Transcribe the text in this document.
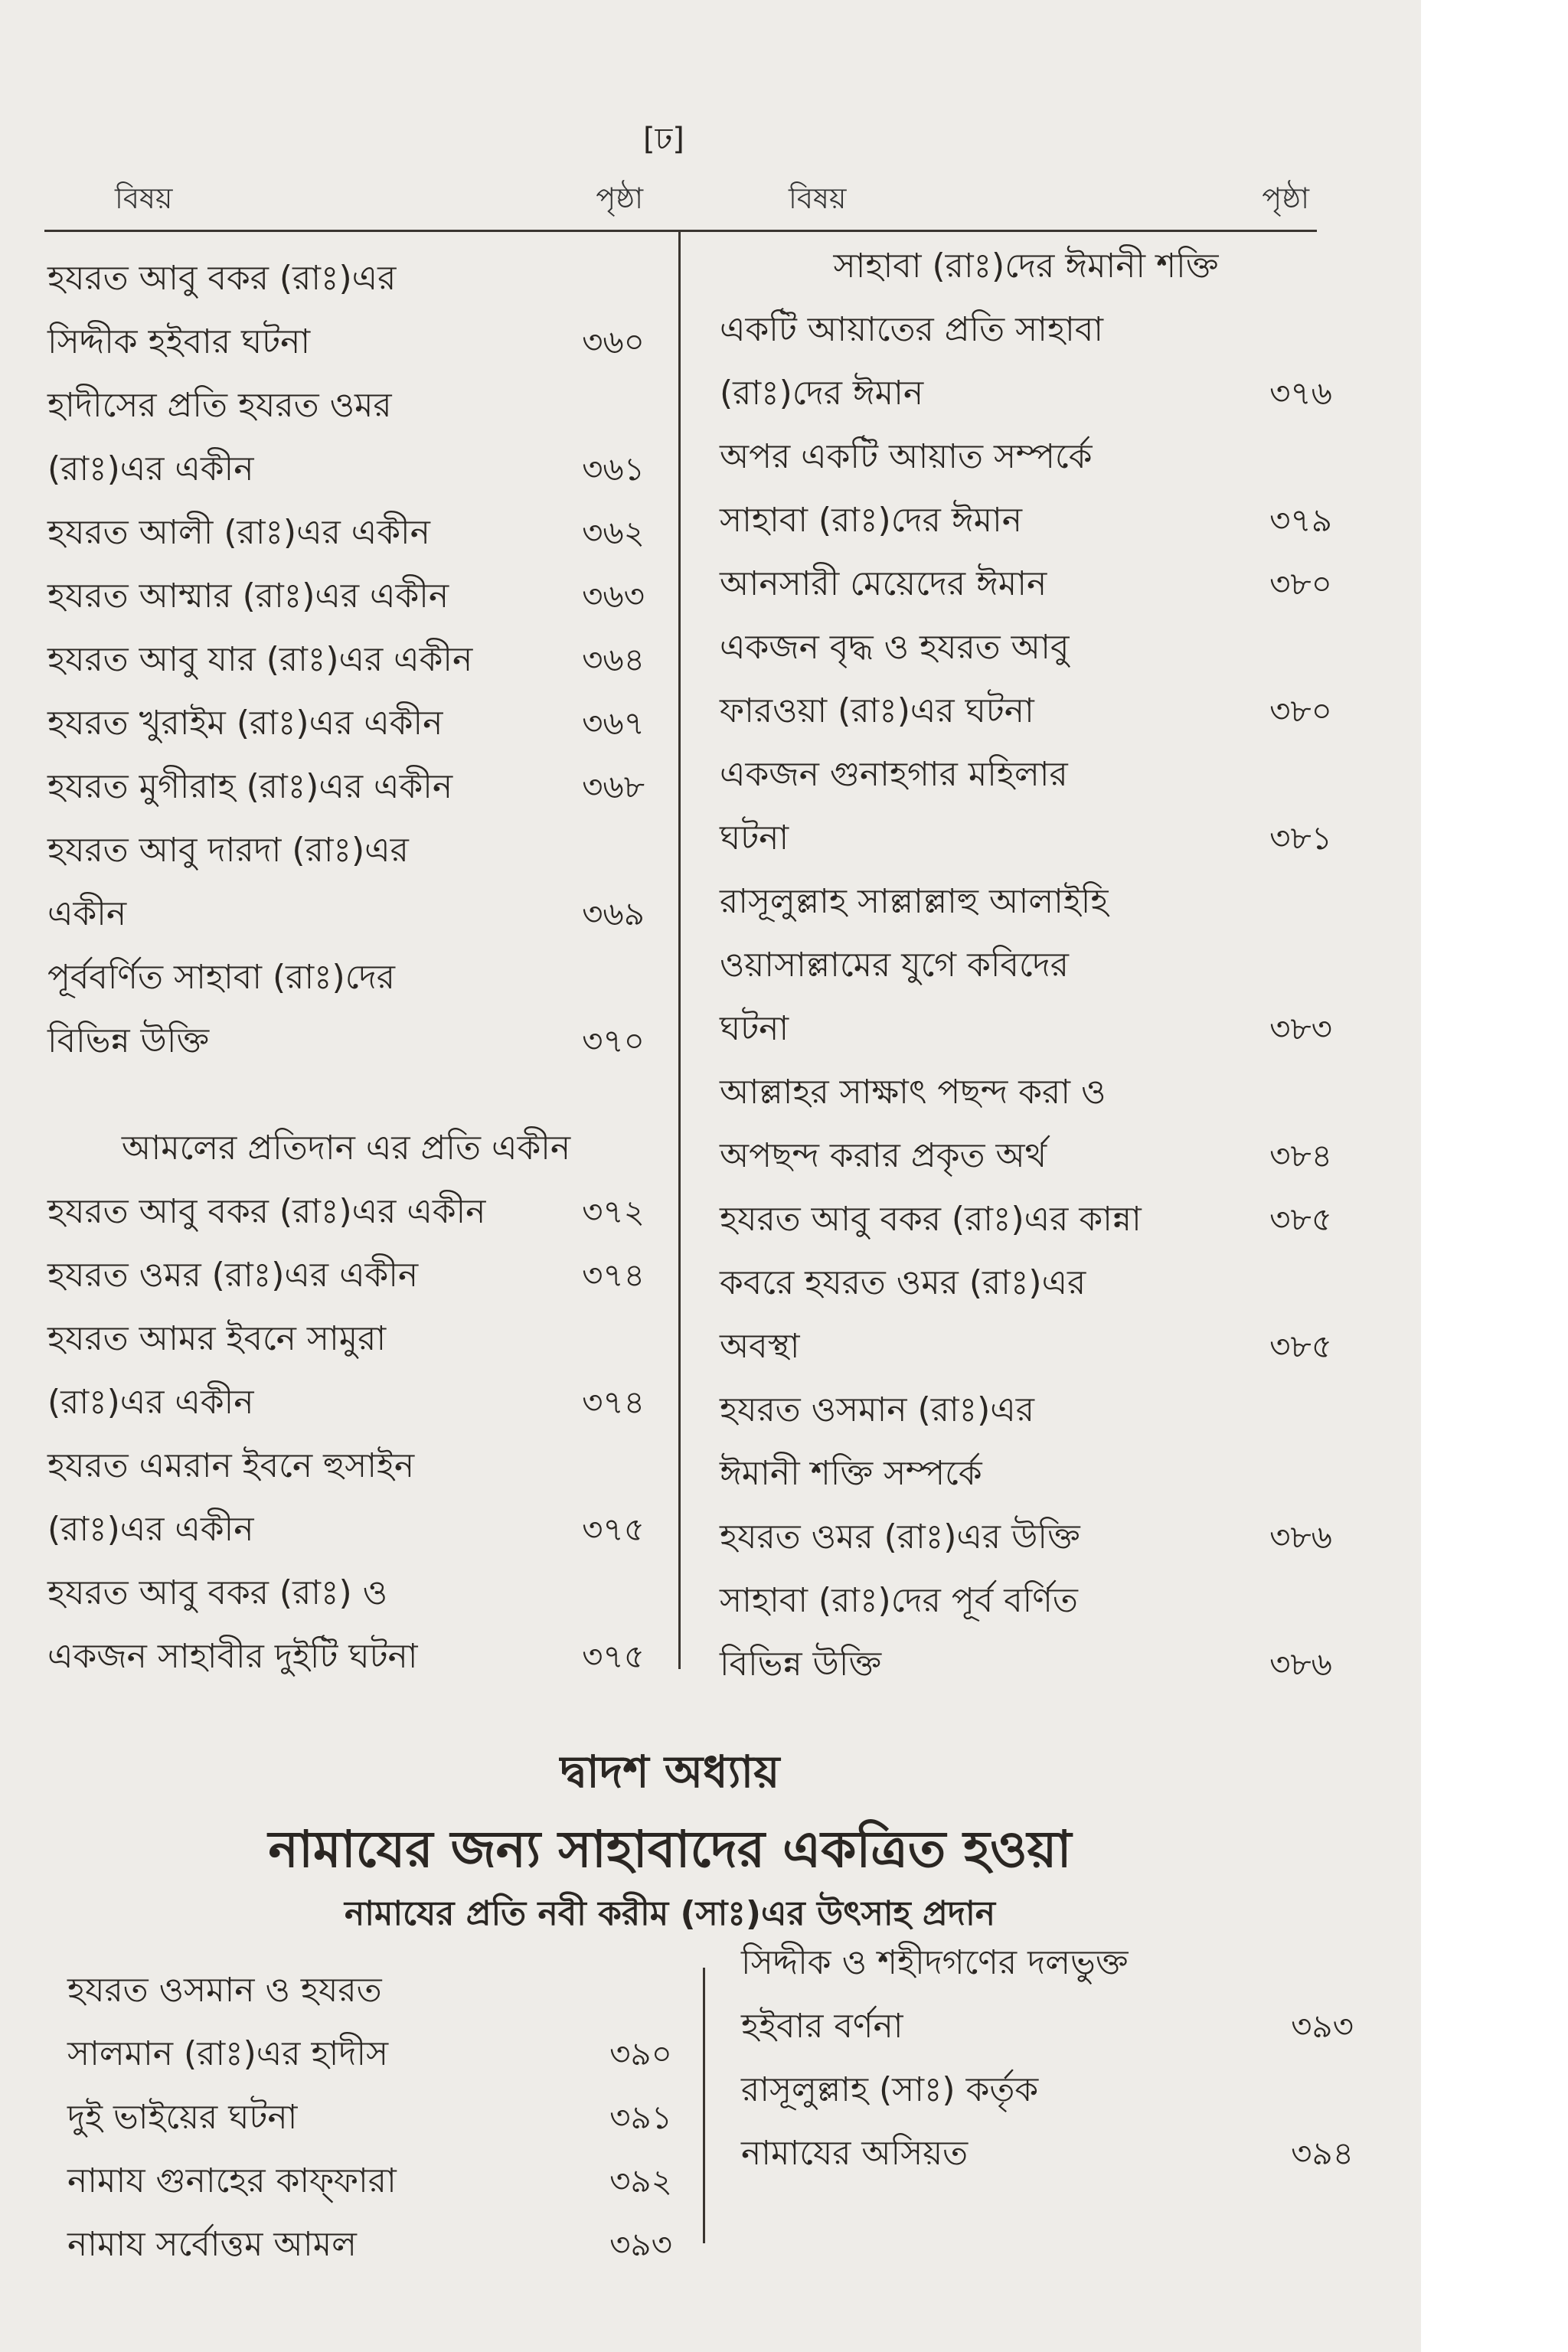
[ঢ]
বিষয়	পৃষ্ঠা	বিষয়	পৃষ্ঠা
হযরত আবু বকর (রাঃ)এর
সিদ্দীক হইবার ঘটনা	৩৬০
হাদীসের প্রতি হযরত ওমর
(রাঃ)এর একীন	৩৬১
হযরত আলী (রাঃ)এর একীন	৩৬২
হযরত আম্মার (রাঃ)এর একীন	৩৬৩
হযরত আবু যার (রাঃ)এর একীন	৩৬৪
হযরত খুরাইম (রাঃ)এর একীন	৩৬৭
হযরত মুগীরাহ (রাঃ)এর একীন	৩৬৮
হযরত আবু দারদা (রাঃ)এর
একীন	৩৬৯
পূর্ববর্ণিত সাহাবা (রাঃ)দের
বিভিন্ন উক্তি	৩৭০
আমলের প্রতিদান এর প্রতি একীন
হযরত আবু বকর (রাঃ)এর একীন	৩৭২
হযরত ওমর (রাঃ)এর একীন	৩৭৪
হযরত আমর ইবনে সামুরা
(রাঃ)এর একীন	৩৭৪
হযরত এমরান ইবনে হুসাইন
(রাঃ)এর একীন	৩৭৫
হযরত আবু বকর (রাঃ) ও
একজন সাহাবীর দুইটি ঘটনা	৩৭৫
সাহাবা (রাঃ)দের ঈমানী শক্তি
একটি আয়াতের প্রতি সাহাবা
(রাঃ)দের ঈমান	৩৭৬
অপর একটি আয়াত সম্পর্কে
সাহাবা (রাঃ)দের ঈমান	৩৭৯
আনসারী মেয়েদের ঈমান	৩৮০
একজন বৃদ্ধ ও হযরত আবু
ফারওয়া (রাঃ)এর ঘটনা	৩৮০
একজন গুনাহগার মহিলার
ঘটনা	৩৮১
রাসূলুল্লাহ সাল্লাল্লাহু আলাইহি
ওয়াসাল্লামের যুগে কবিদের
ঘটনা	৩৮৩
আল্লাহর সাক্ষাৎ পছন্দ করা ও
অপছন্দ করার প্রকৃত অর্থ	৩৮৪
হযরত আবু বকর (রাঃ)এর কান্না	৩৮৫
কবরে হযরত ওমর (রাঃ)এর
অবস্থা	৩৮৫
হযরত ওসমান (রাঃ)এর
ঈমানী শক্তি সম্পর্কে
হযরত ওমর (রাঃ)এর উক্তি	৩৮৬
সাহাবা (রাঃ)দের পূর্ব বর্ণিত
বিভিন্ন উক্তি	৩৮৬
দ্বাদশ অধ্যায়
নামাযের জন্য সাহাবাদের একত্রিত হওয়া
নামাযের প্রতি নবী করীম (সাঃ)এর উৎসাহ প্রদান
হযরত ওসমান ও হযরত
সালমান (রাঃ)এর হাদীস	৩৯০
দুই ভাইয়ের ঘটনা	৩৯১
নামায গুনাহের কাফ্‌ফারা	৩৯২
নামায সর্বোত্তম আমল	৩৯৩
সিদ্দীক ও শহীদগণের দলভুক্ত
হইবার বর্ণনা	৩৯৩
রাসূলুল্লাহ (সাঃ) কর্তৃক
নামাযের অসিয়ত	৩৯৪
